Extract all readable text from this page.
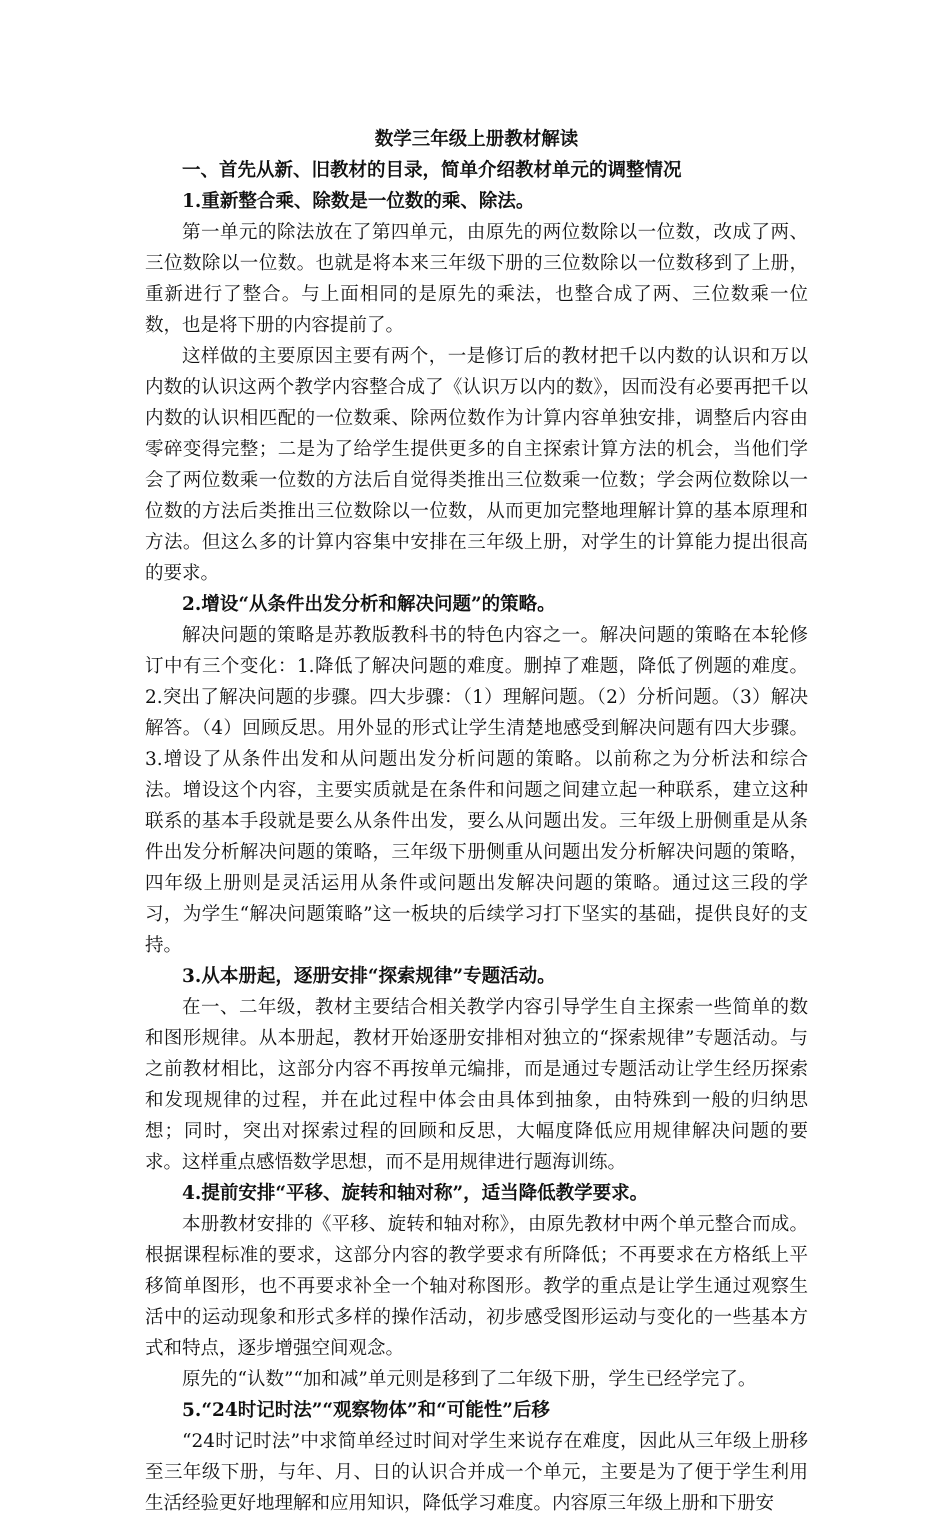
数学三年级上册教材解读
一、首先从新、旧教材的目录，简单介绍教材单元的调整情况
1.重新整合乘、除数是一位数的乘、除法。

第一单元的除法放在了第四单元，由原先的两位数除以一位数，改成了两、三位数除以一位数。也就是将本来三年级下册的三位数除以一位数移到了上册，重新进行了整合。与上面相同的是原先的乘法，也整合成了两、三位数乘一位数，也是将下册的内容提前了。

这样做的主要原因主要有两个，一是修订后的教材把千以内数的认识和万以内数的认识这两个教学内容整合成了《认识万以内的数》，因而没有必要再把千以内数的认识相匹配的一位数乘、除两位数作为计算内容单独安排，调整后内容由零碎变得完整；二是为了给学生提供更多的自主探索计算方法的机会，当他们学会了两位数乘一位数的方法后自觉得类推出三位数乘一位数；学会两位数除以一位数的方法后类推出三位数除以一位数，从而更加完整地理解计算的基本原理和方法。但这么多的计算内容集中安排在三年级上册，对学生的计算能力提出很高的要求。

2.增设“从条件出发分析和解决问题”的策略。

解决问题的策略是苏教版教科书的特色内容之一。解决问题的策略在本轮修订中有三个变化：1.降低了解决问题的难度。删掉了难题，降低了例题的难度。2.突出了解决问题的步骤。四大步骤：（1）理解问题。（2）分析问题。（3）解决解答。（4）回顾反思。用外显的形式让学生清楚地感受到解决问题有四大步骤。3.增设了从条件出发和从问题出发分析问题的策略。以前称之为分析法和综合法。增设这个内容，主要实质就是在条件和问题之间建立起一种联系，建立这种联系的基本手段就是要么从条件出发，要么从问题出发。三年级上册侧重是从条件出发分析解决问题的策略，三年级下册侧重从问题出发分析解决问题的策略，四年级上册则是灵活运用从条件或问题出发解决问题的策略。通过这三段的学习，为学生“解决问题策略”这一板块的后续学习打下坚实的基础，提供良好的支持。

3.从本册起，逐册安排“探索规律”专题活动。

在一、二年级，教材主要结合相关教学内容引导学生自主探索一些简单的数和图形规律。从本册起，教材开始逐册安排相对独立的“探索规律”专题活动。与之前教材相比，这部分内容不再按单元编排，而是通过专题活动让学生经历探索和发现规律的过程，并在此过程中体会由具体到抽象，由特殊到一般的归纳思想；同时，突出对探索过程的回顾和反思，大幅度降低应用规律解决问题的要求。这样重点感悟数学思想，而不是用规律进行题海训练。

4.提前安排“平移、旋转和轴对称”，适当降低教学要求。

本册教材安排的《平移、旋转和轴对称》，由原先教材中两个单元整合而成。根据课程标准的要求，这部分内容的教学要求有所降低；不再要求在方格纸上平移简单图形，也不再要求补全一个轴对称图形。教学的重点是让学生通过观察生活中的运动现象和形式多样的操作活动，初步感受图形运动与变化的一些基本方式和特点，逐步增强空间观念。

原先的“认数”“加和减”单元则是移到了二年级下册，学生已经学完了。

5.“24时记时法”“观察物体”和“可能性”后移

“24时记时法”中求简单经过时间对学生来说存在难度，因此从三年级上册移至三年级下册，与年、月、日的认识合并成一个单元，主要是为了便于学生利用生活经验更好地理解和应用知识，降低学习难度。内容原三年级上册和下册安
